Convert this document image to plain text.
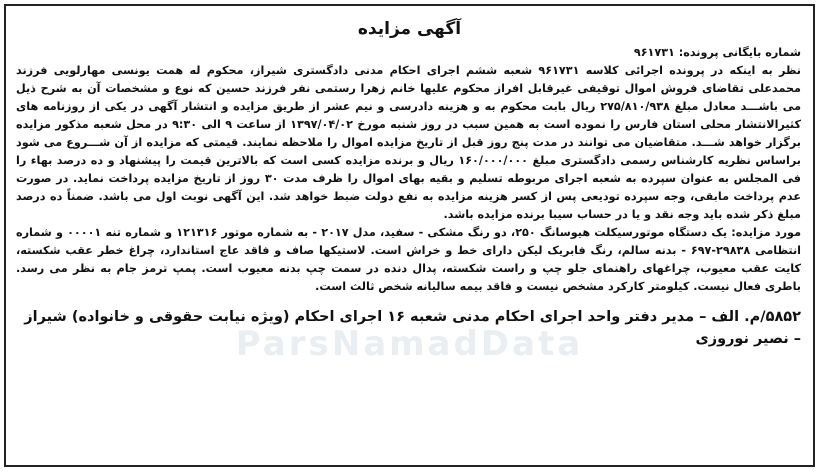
ParsNamadData
آگهی مزایده
شماره بایگانی پرونده: ۹۶۱۷۳۱

نظر به اینکه در پرونده اجرائی کلاسه ۹۶۱۷۳۱ شعبه ششم اجرای احکام مدنی دادگستری شیراز، محکوم له همت یونسی مهارلویی فرزند محمدعلی تقاضای فروش اموال توقیفی غیرقابل افراز محکوم علیها خانم زهرا رستمی نفر فرزند حسین که نوع و مشخصات آن به شرح ذیل می باشـــد معادل مبلغ ۲۷۵/۸۱۰/۹۳۸ ریال بابت محکوم به و هزینه دادرسی و نیم عشر از طریق مزایده و انتشار آگهی در یکی از روزنامه های کثیرالانتشار محلی استان فارس را نموده است به همین سبب در روز شنبه مورخ ۱۳۹۷/۰۴/۰۲ از ساعت ۹ الی ۹:۳۰ در محل شعبه مذکور مزایده برگزار خواهد شـــد. متقاضیان می توانند در مدت پنج روز قبل از تاریخ مزایده اموال را ملاحظه نمایند. قیمتی که مزایده از آن شـــروع می شود براساس نظریه کارشناس رسمی دادگستری مبلغ ۱۶۰/۰۰۰/۰۰۰ ریال و برنده مزایده کسی است که بالاترین قیمت را پیشنهاد و ده درصد بهاء را فی المجلس به عنوان سپرده به شعبه اجرای مربوطه تسلیم و بقیه بهای اموال را ظرف مدت ۳۰ روز از تاریخ مزایده پرداخت نماید. در صورت عدم پرداخت مابقی، وجه سپرده تودیعی پس از کسر هزینه مزایده به نفع دولت ضبط خواهد شد. این آگهی نوبت اول می باشد. ضمناً ده درصد مبلغ ذکر شده باید وجه نقد و یا در حساب سیبا برنده مزایده باشد.

مورد مزایده: یک دستگاه موتورسیکلت هیوسانگ ۲۵۰، دو رنگ مشکی - سفید، مدل ۲۰۱۷ - به شماره موتور ۱۲۱۳۱۶ و شماره تنه ۰۰۰۰۱ و شماره انتظامی ۲۹۸۳۸-۶۹۷ - بدنه سالم، رنگ فابریک لیکن دارای خط و خراش است. لاستیکها صاف و فاقد عاج استاندارد، چراغ خطر عقب شکسته، کایت عقب معیوب، چراغهای راهنمای جلو چپ و راست شکسته، پدال دنده در سمت چپ بدنه معیوب است. پمپ ترمز جام به نظر می رسد. باطری فعال نیست. کیلومتر کارکرد مشخص نیست و فاقد بیمه سالیانه شخص ثالث است.

۵۸۵۲/م. الف – مدیر دفتر واحد اجرای احکام مدنی شعبه ۱۶ اجرای احکام (ویژه نیابت حقوقی و خانواده) شیراز – نصیر نوروزی
